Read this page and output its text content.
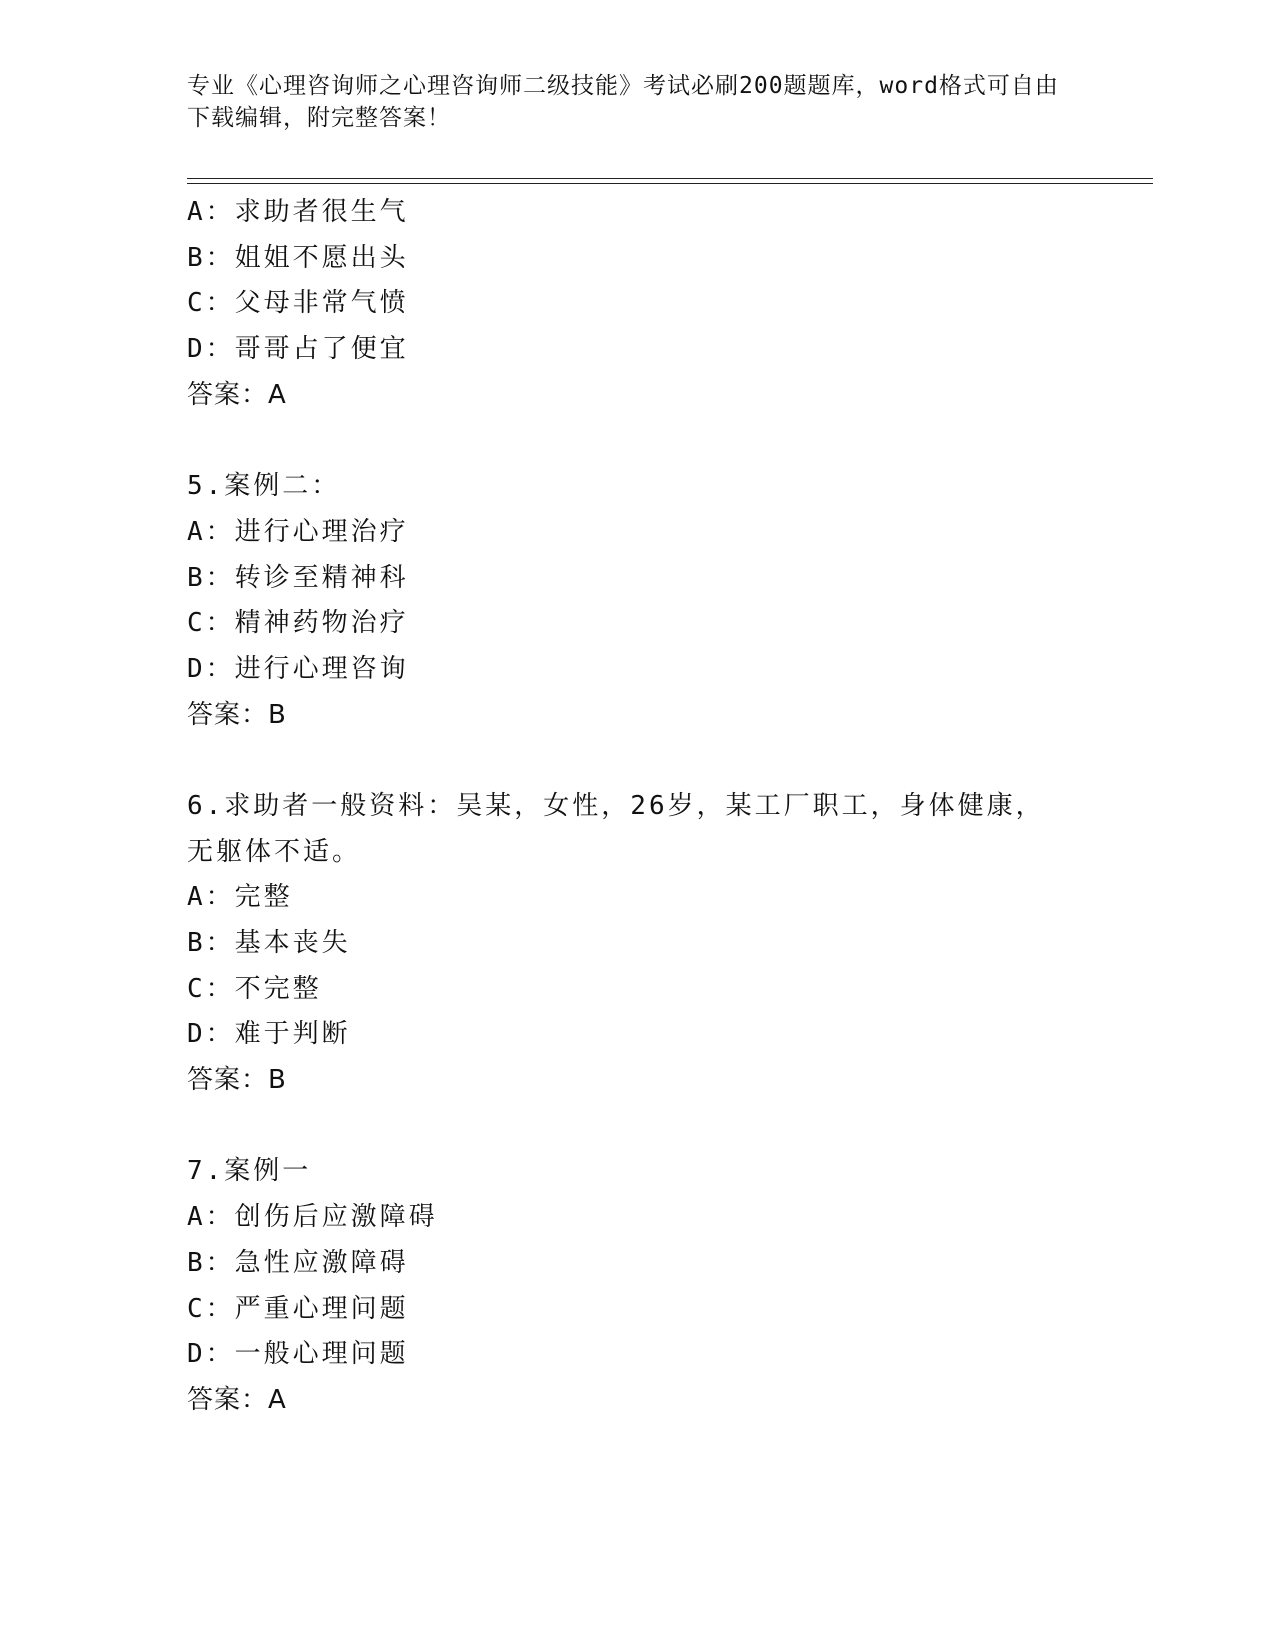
专业《心理咨询师之心理咨询师二级技能》考试必刷200题题库，word格式可自由下载编辑，附完整答案！
A：求助者很生气
B：姐姐不愿出头
C：父母非常气愤
D：哥哥占了便宜
答案：A
5.案例二：
A：进行心理治疗
B：转诊至精神科
C：精神药物治疗
D：进行心理咨询
答案：B
6.求助者一般资料：吴某，女性，26岁，某工厂职工，身体健康，无躯体不适。
A：完整
B：基本丧失
C：不完整
D：难于判断
答案：B
7.案例一
A：创伤后应激障碍
B：急性应激障碍
C：严重心理问题
D：一般心理问题
答案：A
